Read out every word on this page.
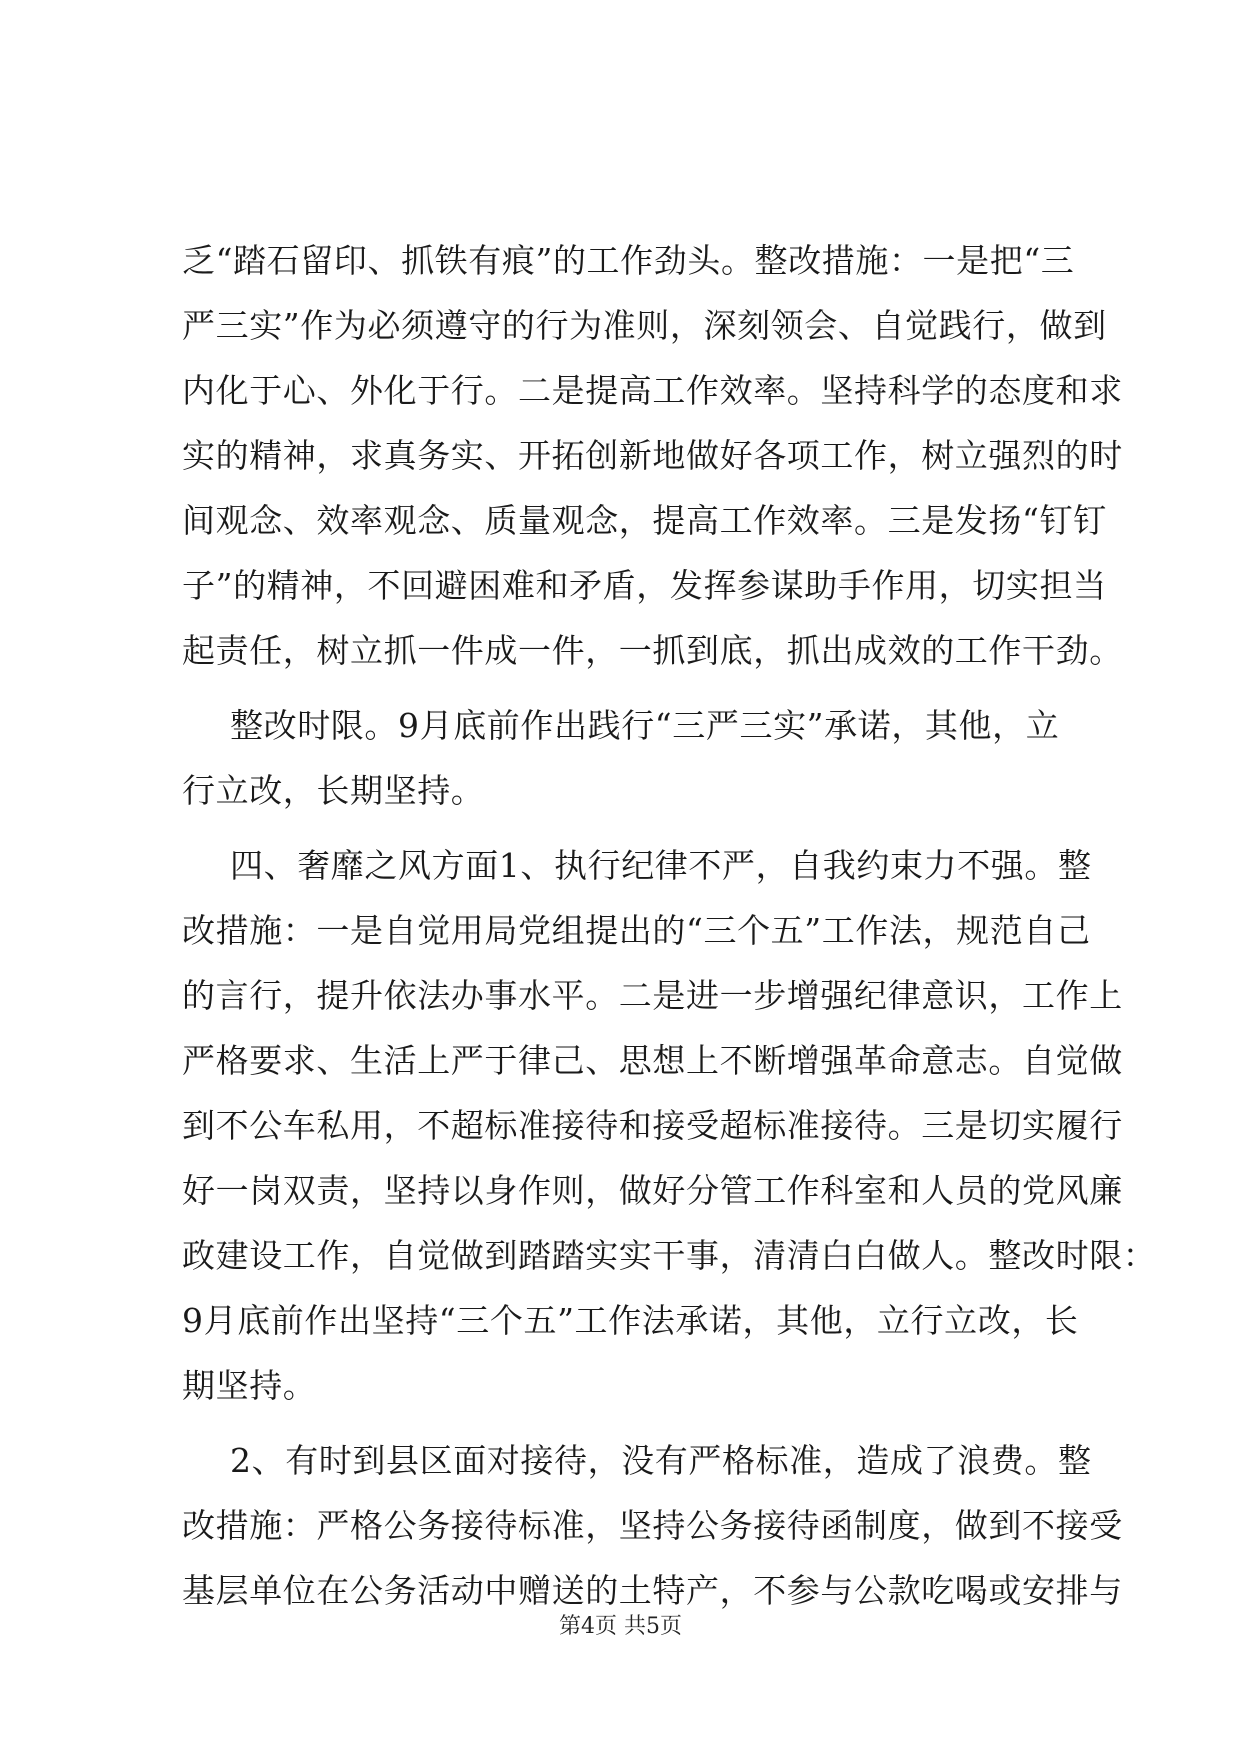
乏“踏石留印、抓铁有痕”的工作劲头。整改措施：一是把“三
严三实”作为必须遵守的行为准则，深刻领会、自觉践行，做到
内化于心、外化于行。二是提高工作效率。坚持科学的态度和求
实的精神，求真务实、开拓创新地做好各项工作，树立强烈的时
间观念、效率观念、质量观念，提高工作效率。三是发扬“钉钉
子”的精神，不回避困难和矛盾，发挥参谋助手作用，切实担当
起责任，树立抓一件成一件，一抓到底，抓出成效的工作干劲。
整改时限。9月底前作出践行“三严三实”承诺，其他，立
行立改，长期坚持。
四、奢靡之风方面1、执行纪律不严，自我约束力不强。整
改措施：一是自觉用局党组提出的“三个五”工作法，规范自己
的言行，提升依法办事水平。二是进一步增强纪律意识，工作上
严格要求、生活上严于律己、思想上不断增强革命意志。自觉做
到不公车私用，不超标准接待和接受超标准接待。三是切实履行
好一岗双责，坚持以身作则，做好分管工作科室和人员的党风廉
政建设工作，自觉做到踏踏实实干事，清清白白做人。整改时限：
9月底前作出坚持“三个五”工作法承诺，其他，立行立改，长
期坚持。
2、有时到县区面对接待，没有严格标准，造成了浪费。整
改措施：严格公务接待标准，坚持公务接待函制度，做到不接受
基层单位在公务活动中赠送的土特产，不参与公款吃喝或安排与
第4页 共5页
